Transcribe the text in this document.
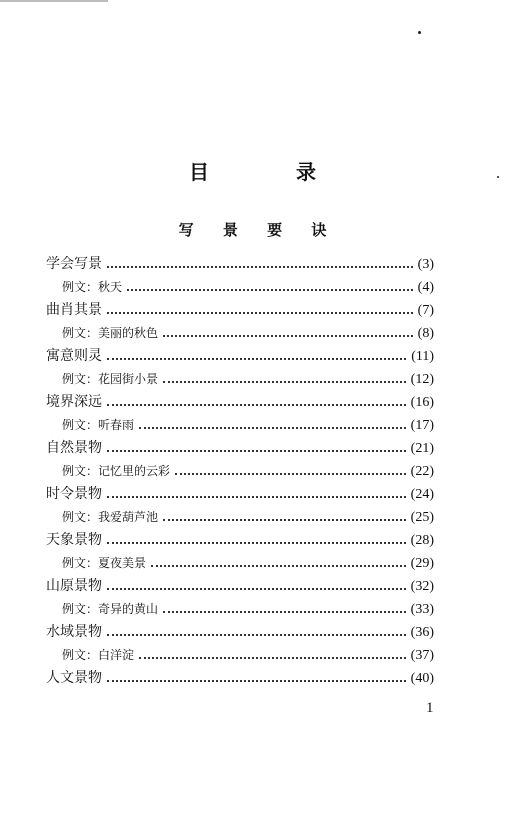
目 录
写 景 要 诀
学会写景	(3)
例文：秋天	(4)
曲肖其景	(7)
例文：美丽的秋色	(8)
寓意则灵	(11)
例文：花园街小景	(12)
境界深远	(16)
例文：听春雨	(17)
自然景物	(21)
例文：记忆里的云彩	(22)
时令景物	(24)
例文：我爱葫芦池	(25)
天象景物	(28)
例文：夏夜美景	(29)
山原景物	(32)
例文：奇异的黄山	(33)
水域景物	(36)
例文：白洋淀	(37)
人文景物	(40)
1
